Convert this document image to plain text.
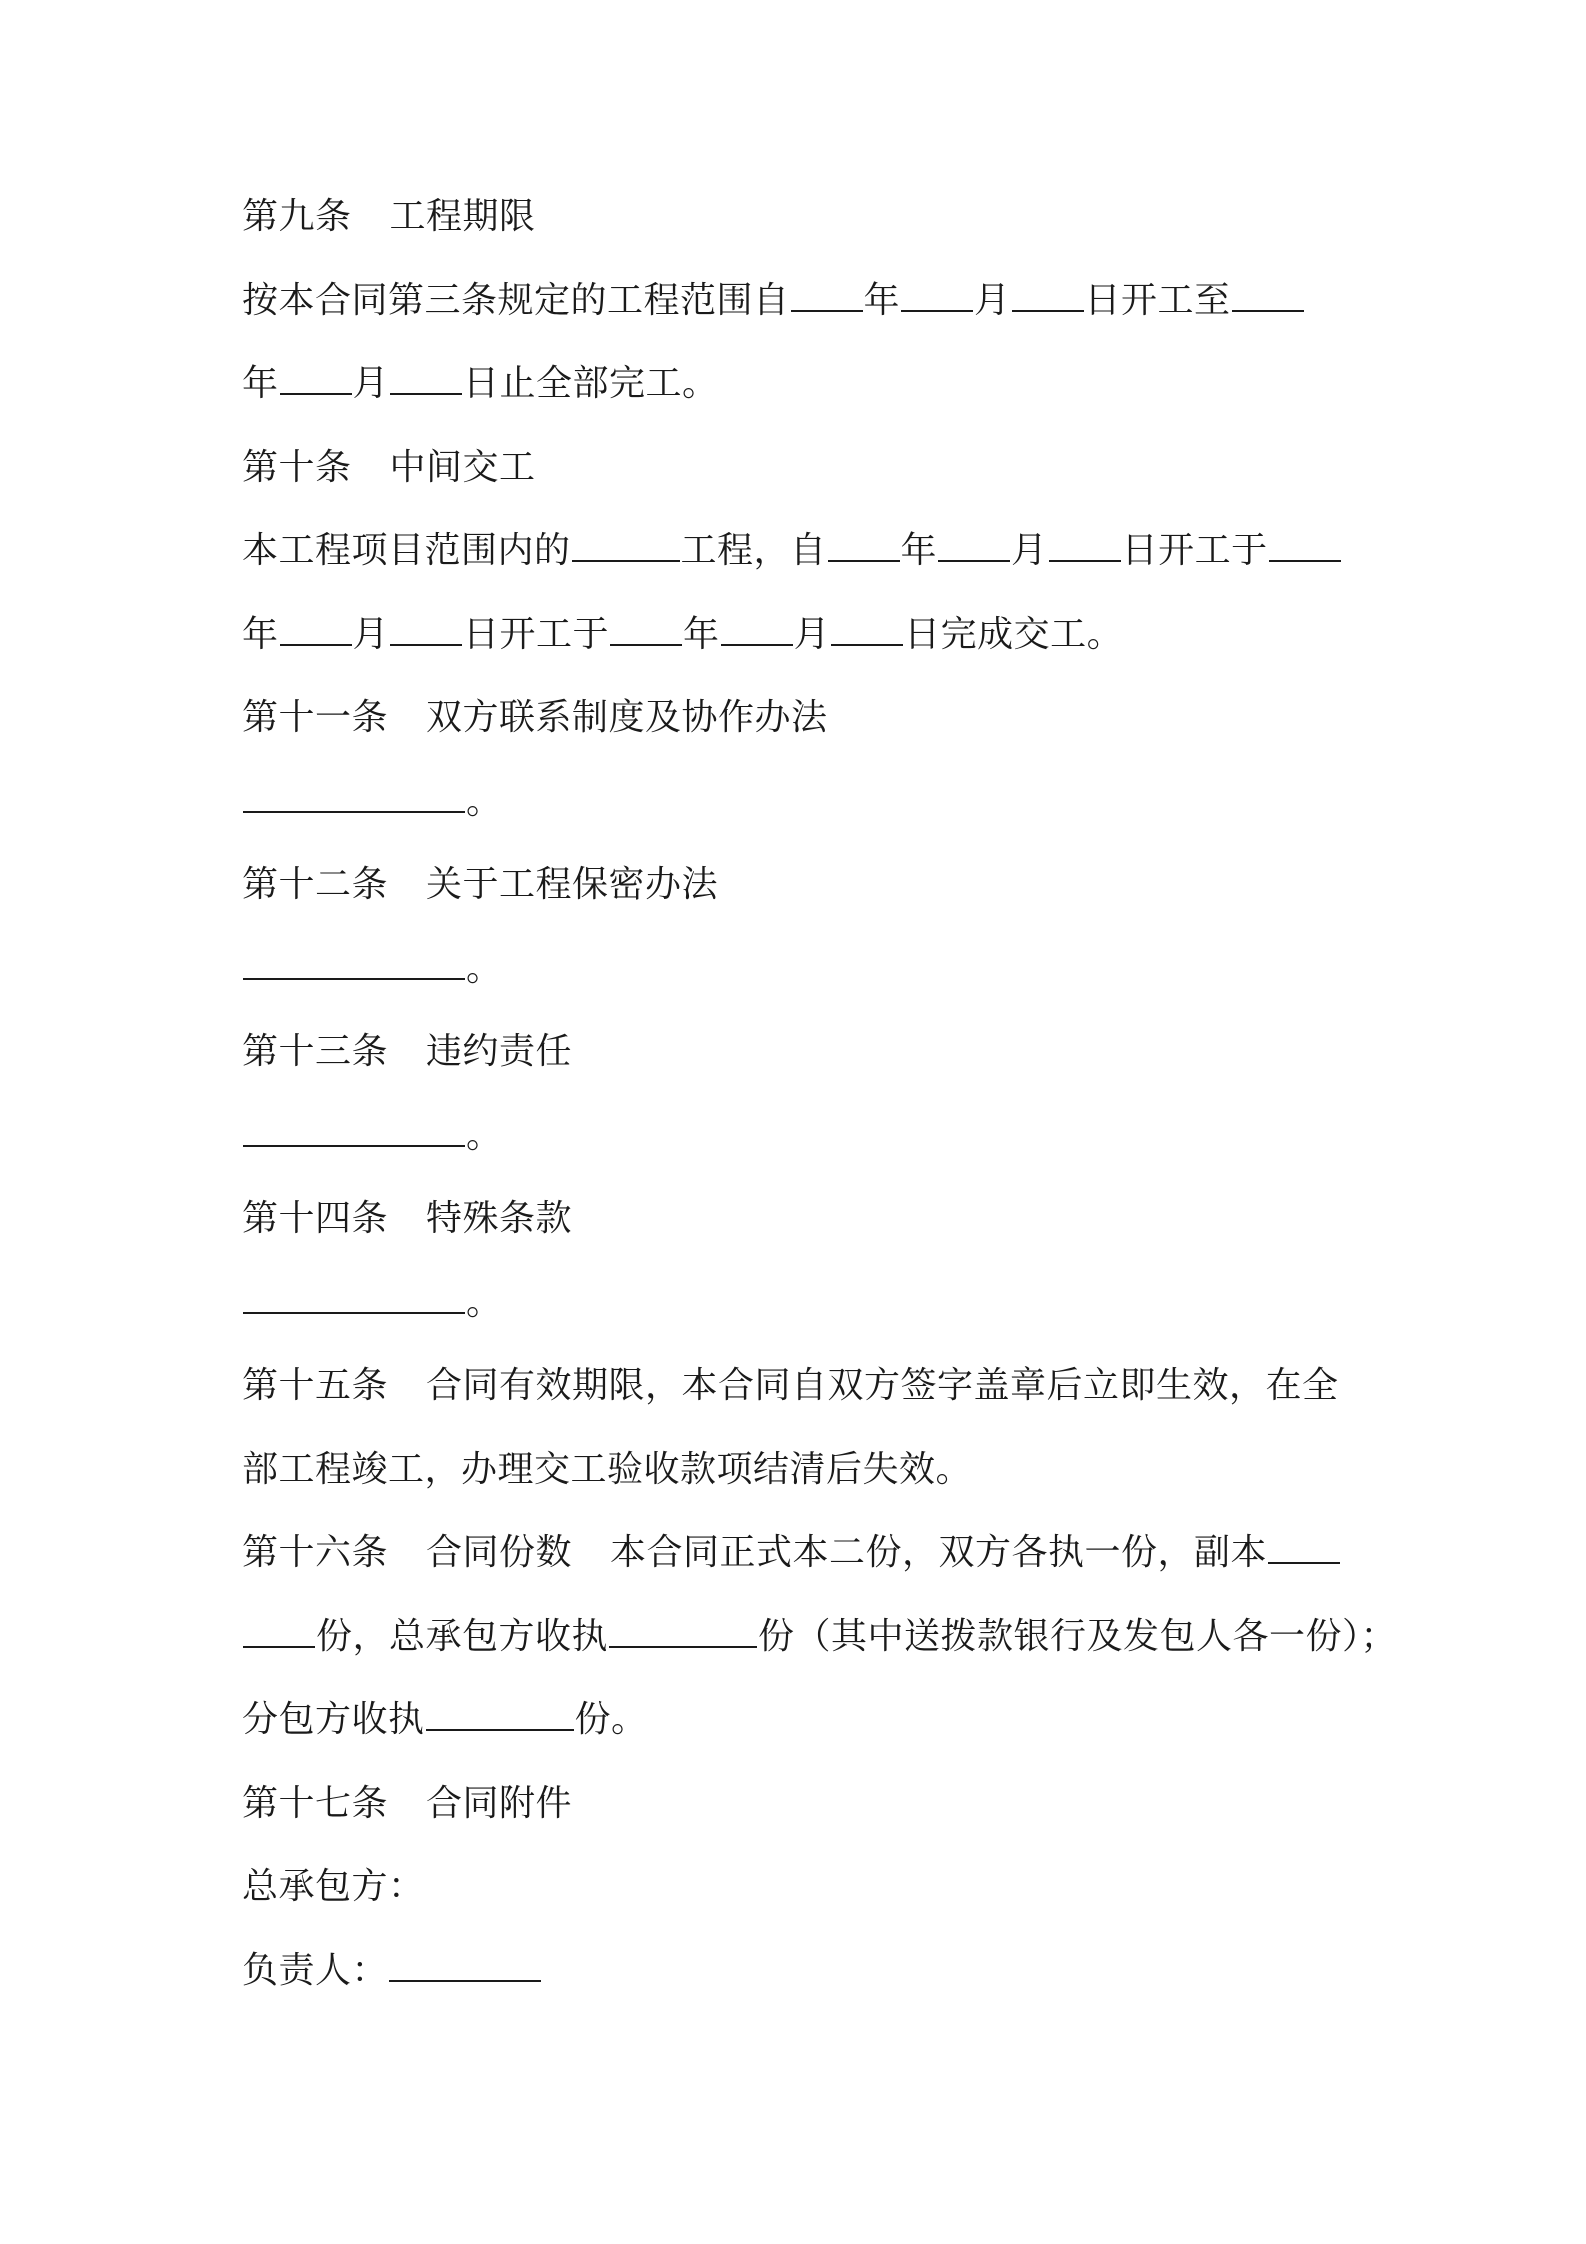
第九条 工程期限
按本合同第三条规定的工程范围自 年 月 日开工至
年 月 日止全部完工。
第十条 中间交工
本工程项目范围内的	工程，自 年 月 日开工于
年 月 日开工于 年 月 日完成交工。
第十一条 双方联系制度及协作办法
。
第十二条 关于工程保密办法
。
第十三条 违约责任
。
第十四条 特殊条款
。
第十五条 合同有效期限，本合同自双方签字盖章后立即生效，在全
部工程竣工，办理交工验收款项结清后失效。
第十六条 合同份数 本合同正式本二份，双方各执一份，副本
份，总承包方收执	份（其中送拨款银行及发包人各一份）；
分包方收执	份。
第十七条 合同附件
总承包方：
负责人：
